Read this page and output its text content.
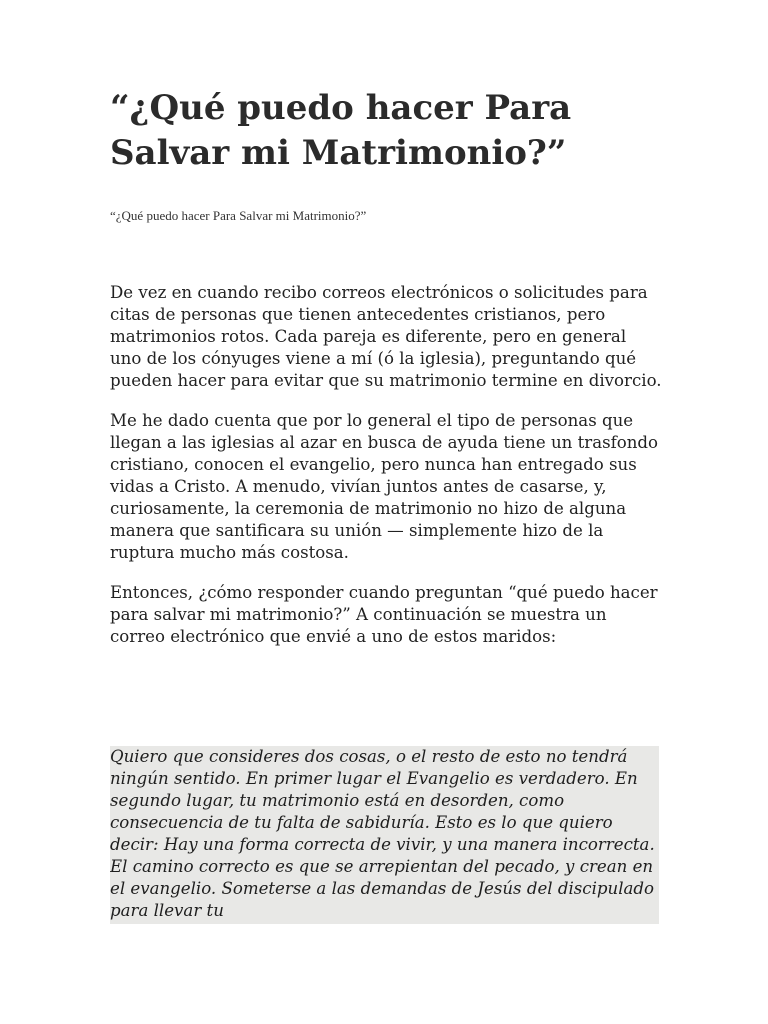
“¿Qué puedo hacer Para Salvar mi Matrimonio?”

“¿Qué puedo hacer Para Salvar mi Matrimonio?”

De vez en cuando recibo correos electrónicos o solicitudes para citas de personas que tienen antecedentes cristianos, pero matrimonios rotos. Cada pareja es diferente, pero en general uno de los cónyuges viene a mí (ó la iglesia), preguntando qué pueden hacer para evitar que su matrimonio termine en divorcio.

Me he dado cuenta que por lo general el tipo de personas que llegan a las iglesias al azar en busca de ayuda tiene un trasfondo cristiano, conocen el evangelio, pero nunca han entregado sus vidas a Cristo. A menudo, vivían juntos antes de casarse, y, curiosamente, la ceremonia de matrimonio no hizo de alguna manera que santificara su unión — simplemente hizo de la ruptura mucho más costosa.

Entonces, ¿cómo responder cuando preguntan “qué puedo hacer para salvar mi matrimonio?” A continuación se muestra un correo electrónico que envié a uno de estos maridos:

Quiero que consideres dos cosas, o el resto de esto no tendrá ningún sentido. En primer lugar el Evangelio es verdadero. En segundo lugar, tu matrimonio está en desorden, como consecuencia de tu falta de sabiduría. Esto es lo que quiero decir: Hay una forma correcta de vivir, y una manera incorrecta. El camino correcto es que se arrepientan del pecado, y crean en el evangelio. Someterse a las demandas de Jesús del discipulado para llevar tu
